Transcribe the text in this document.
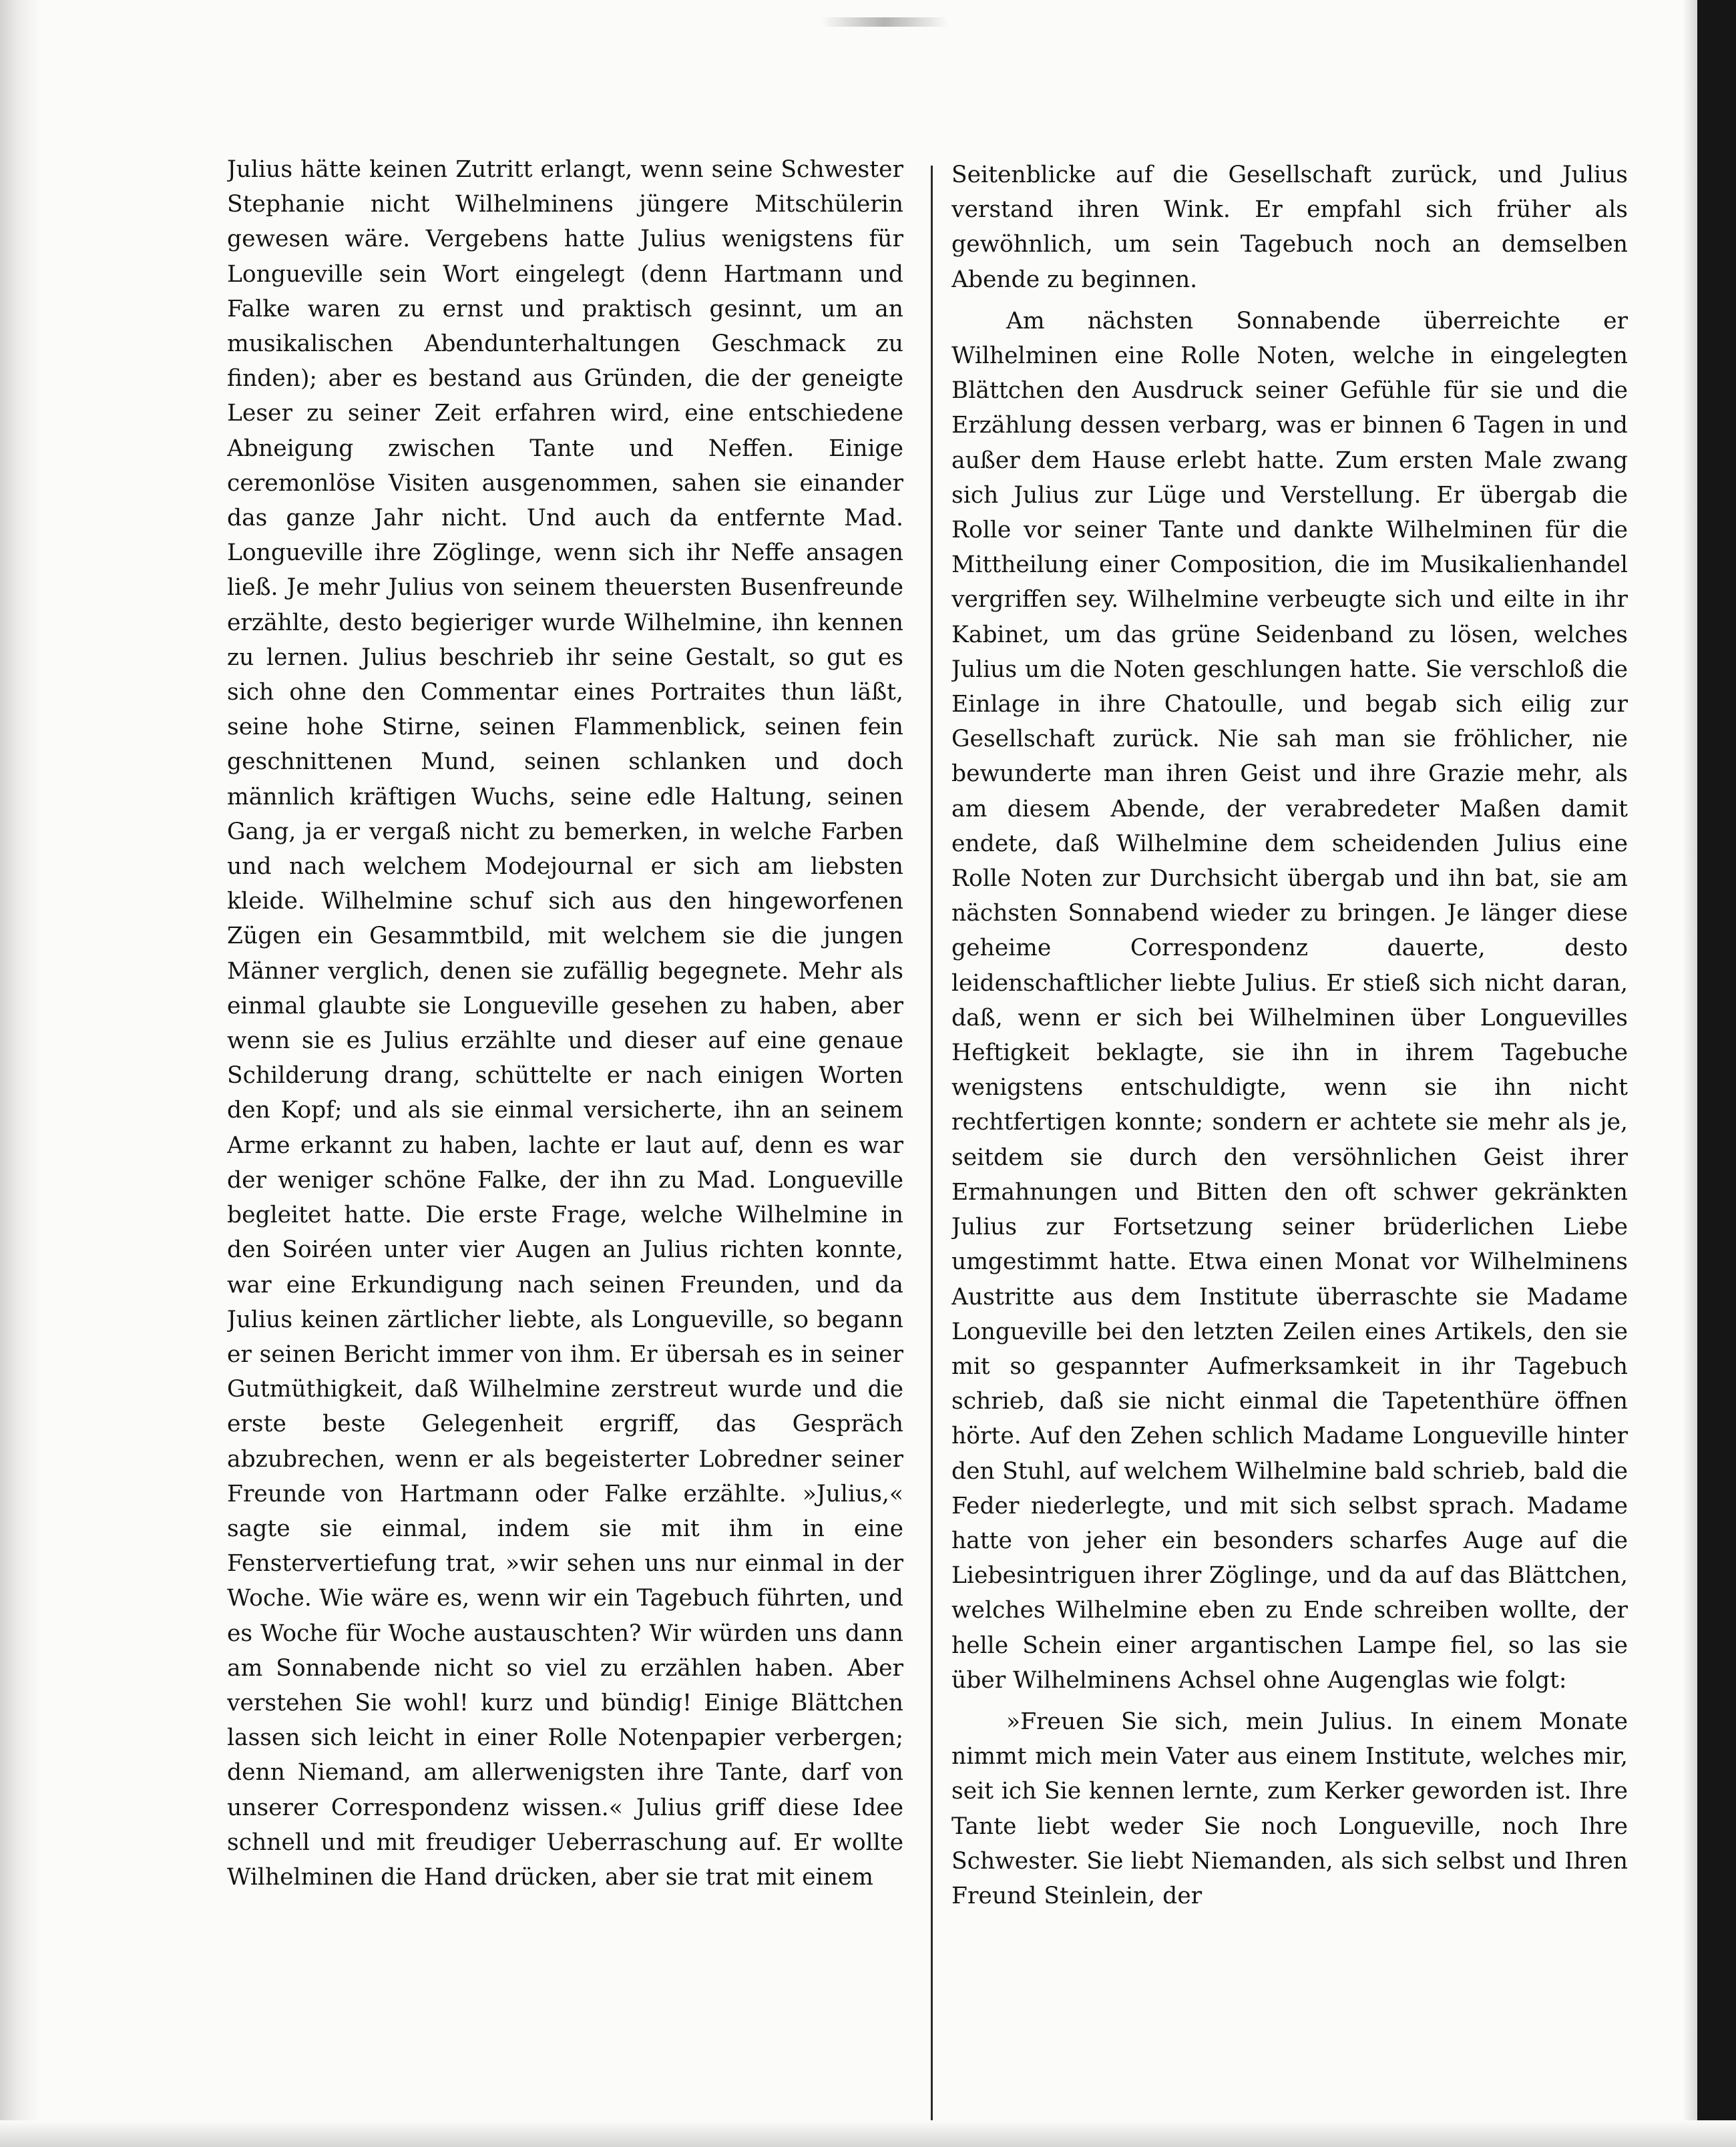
Julius hätte keinen Zutritt erlangt, wenn seine Schwester Stephanie nicht Wilhelminens jüngere Mitschülerin gewesen wäre. Vergebens hatte Julius wenigstens für Longueville sein Wort eingelegt (denn Hartmann und Falke waren zu ernst und praktisch gesinnt, um an musikalischen Abendunterhaltungen Geschmack zu finden); aber es bestand aus Gründen, die der geneigte Leser zu seiner Zeit erfahren wird, eine entschiedene Abneigung zwischen Tante und Neffen. Einige ceremonlöse Visiten ausgenommen, sahen sie einander das ganze Jahr nicht. Und auch da entfernte Mad. Longueville ihre Zöglinge, wenn sich ihr Neffe ansagen ließ. Je mehr Julius von seinem theuersten Busenfreunde erzählte, desto begieriger wurde Wilhelmine, ihn kennen zu lernen. Julius beschrieb ihr seine Gestalt, so gut es sich ohne den Commentar eines Portraites thun läßt, seine hohe Stirne, seinen Flammenblick, seinen fein geschnittenen Mund, seinen schlanken und doch männlich kräftigen Wuchs, seine edle Haltung, seinen Gang, ja er vergaß nicht zu bemerken, in welche Farben und nach welchem Modejournal er sich am liebsten kleide. Wilhelmine schuf sich aus den hingeworfenen Zügen ein Gesammtbild, mit welchem sie die jungen Männer verglich, denen sie zufällig begegnete. Mehr als einmal glaubte sie Longueville gesehen zu haben, aber wenn sie es Julius erzählte und dieser auf eine genaue Schilderung drang, schüttelte er nach einigen Worten den Kopf; und als sie einmal versicherte, ihn an seinem Arme erkannt zu haben, lachte er laut auf, denn es war der weniger schöne Falke, der ihn zu Mad. Longueville begleitet hatte. Die erste Frage, welche Wilhelmine in den Soiréen unter vier Augen an Julius richten konnte, war eine Erkundigung nach seinen Freunden, und da Julius keinen zärtlicher liebte, als Longueville, so begann er seinen Bericht immer von ihm. Er übersah es in seiner Gutmüthigkeit, daß Wilhelmine zerstreut wurde und die erste beste Gelegenheit ergriff, das Gespräch abzubrechen, wenn er als begeisterter Lobredner seiner Freunde von Hartmann oder Falke erzählte. »Julius,« sagte sie einmal, indem sie mit ihm in eine Fenstervertiefung trat, »wir sehen uns nur einmal in der Woche. Wie wäre es, wenn wir ein Tagebuch führten, und es Woche für Woche austauschten? Wir würden uns dann am Sonnabende nicht so viel zu erzählen haben. Aber verstehen Sie wohl! kurz und bündig! Einige Blättchen lassen sich leicht in einer Rolle Notenpapier verbergen; denn Niemand, am allerwenigsten ihre Tante, darf von unserer Correspondenz wissen.« Julius griff diese Idee schnell und mit freudiger Ueberraschung auf. Er wollte Wilhelminen die Hand drücken, aber sie trat mit einem

Seitenblicke auf die Gesellschaft zurück, und Julius verstand ihren Wink. Er empfahl sich früher als gewöhnlich, um sein Tagebuch noch an demselben Abende zu beginnen.

Am nächsten Sonnabende überreichte er Wilhelminen eine Rolle Noten, welche in eingelegten Blättchen den Ausdruck seiner Gefühle für sie und die Erzählung dessen verbarg, was er binnen 6 Tagen in und außer dem Hause erlebt hatte. Zum ersten Male zwang sich Julius zur Lüge und Verstellung. Er übergab die Rolle vor seiner Tante und dankte Wilhelminen für die Mittheilung einer Composition, die im Musikalienhandel vergriffen sey. Wilhelmine verbeugte sich und eilte in ihr Kabinet, um das grüne Seidenband zu lösen, welches Julius um die Noten geschlungen hatte. Sie verschloß die Einlage in ihre Chatoulle, und begab sich eilig zur Gesellschaft zurück. Nie sah man sie fröhlicher, nie bewunderte man ihren Geist und ihre Grazie mehr, als am diesem Abende, der verabredeter Maßen damit endete, daß Wilhelmine dem scheidenden Julius eine Rolle Noten zur Durchsicht übergab und ihn bat, sie am nächsten Sonnabend wieder zu bringen. Je länger diese geheime Correspondenz dauerte, desto leidenschaftlicher liebte Julius. Er stieß sich nicht daran, daß, wenn er sich bei Wilhelminen über Longuevilles Heftigkeit beklagte, sie ihn in ihrem Tagebuche wenigstens entschuldigte, wenn sie ihn nicht rechtfertigen konnte; sondern er achtete sie mehr als je, seitdem sie durch den versöhnlichen Geist ihrer Ermahnungen und Bitten den oft schwer gekränkten Julius zur Fortsetzung seiner brüderlichen Liebe umgestimmt hatte. Etwa einen Monat vor Wilhelminens Austritte aus dem Institute überraschte sie Madame Longueville bei den letzten Zeilen eines Artikels, den sie mit so gespannter Aufmerksamkeit in ihr Tagebuch schrieb, daß sie nicht einmal die Tapetenthüre öffnen hörte. Auf den Zehen schlich Madame Longueville hinter den Stuhl, auf welchem Wilhelmine bald schrieb, bald die Feder niederlegte, und mit sich selbst sprach. Madame hatte von jeher ein besonders scharfes Auge auf die Liebesintriguen ihrer Zöglinge, und da auf das Blättchen, welches Wilhelmine eben zu Ende schreiben wollte, der helle Schein einer argantischen Lampe fiel, so las sie über Wilhelminens Achsel ohne Augenglas wie folgt:

»Freuen Sie sich, mein Julius. In einem Monate nimmt mich mein Vater aus einem Institute, welches mir, seit ich Sie kennen lernte, zum Kerker geworden ist. Ihre Tante liebt weder Sie noch Longueville, noch Ihre Schwester. Sie liebt Niemanden, als sich selbst und Ihren Freund Steinlein, der
